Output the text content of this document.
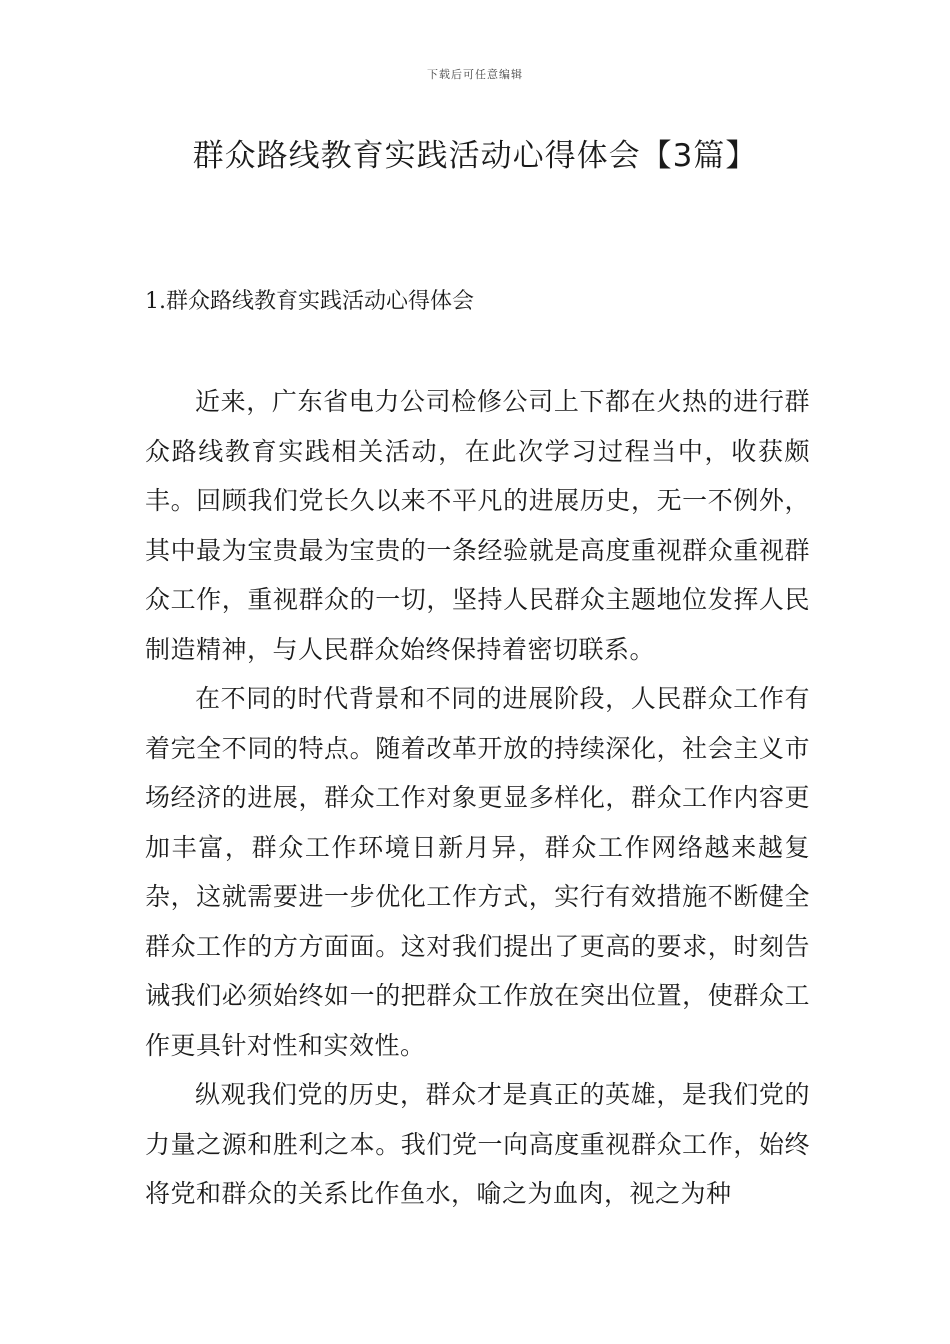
下载后可任意编辑
群众路线教育实践活动心得体会【3篇】
1.群众路线教育实践活动心得体会

近来，广东省电力公司检修公司上下都在火热的进行群众路线教育实践相关活动，在此次学习过程当中，收获颇丰。回顾我们党长久以来不平凡的进展历史，无一不例外，其中最为宝贵最为宝贵的一条经验就是高度重视群众重视群众工作，重视群众的一切，坚持人民群众主题地位发挥人民制造精神，与人民群众始终保持着密切联系。

在不同的时代背景和不同的进展阶段，人民群众工作有着完全不同的特点。随着改革开放的持续深化，社会主义市场经济的进展，群众工作对象更显多样化，群众工作内容更加丰富，群众工作环境日新月异，群众工作网络越来越复杂，这就需要进一步优化工作方式，实行有效措施不断健全群众工作的方方面面。这对我们提出了更高的要求，时刻告诫我们必须始终如一的把群众工作放在突出位置，使群众工作更具针对性和实效性。

纵观我们党的历史，群众才是真正的英雄，是我们党的力量之源和胜利之本。我们党一向高度重视群众工作，始终将党和群众的关系比作鱼水，喻之为血肉，视之为种
